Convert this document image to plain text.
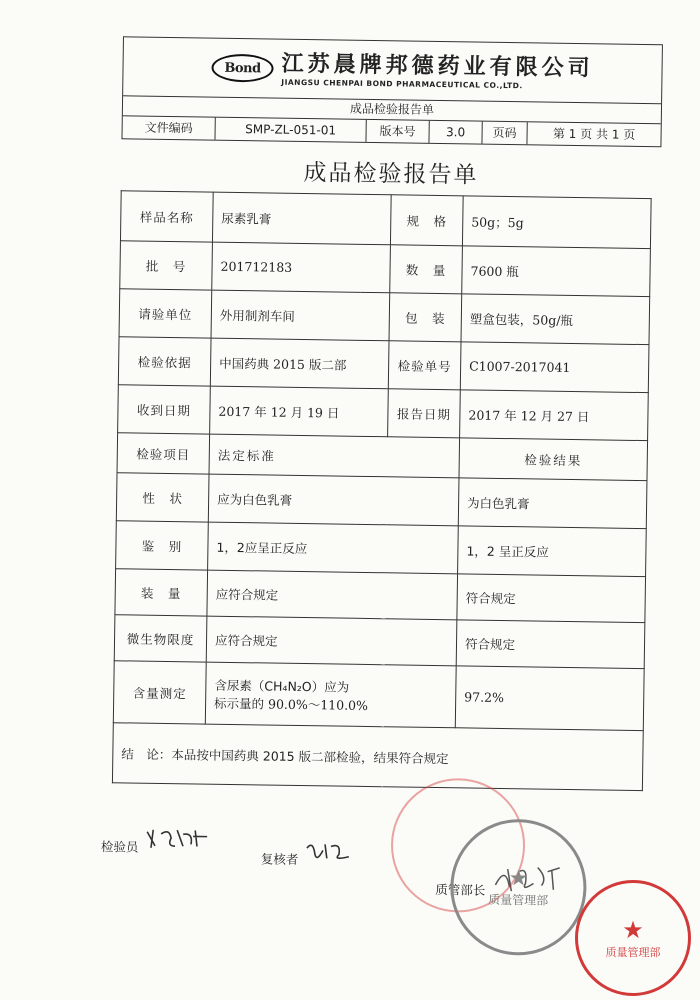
Bond 江苏晨牌邦德药业有限公司
JIANGSU CHENPAI BOND PHARMACEUTICAL CO.,LTD.
成品检验报告单
文件编码	SMP-ZL-051-01	版本号	3.0	页码	第 1 页 共 1 页
成品检验报告单
样品名称	尿素乳膏	规　格	50g；5g
批　号	201712183	数　量	7600 瓶
请验单位	外用制剂车间	包　装	塑盒包装，50g/瓶
检验依据	中国药典 2015 版二部	检验单号	C1007-2017041
收到日期	2017 年 12 月 19 日	报告日期	2017 年 12 月 27 日
检验项目	法定标准		检验结果
性　状	应为白色乳膏		为白色乳膏
鉴　别	1，2应呈正反应		1，2 呈正反应
装　量	应符合规定		符合规定
微生物限度	应符合规定		符合规定
含量测定	含尿素（CH₄N₂O）应为
标示量的 90.0%～110.0%		97.2%
结　论：本品按中国药典 2015 版二部检验，结果符合规定			
检验员
复核者
质管部长	★
质量管理部
★
质量管理部
